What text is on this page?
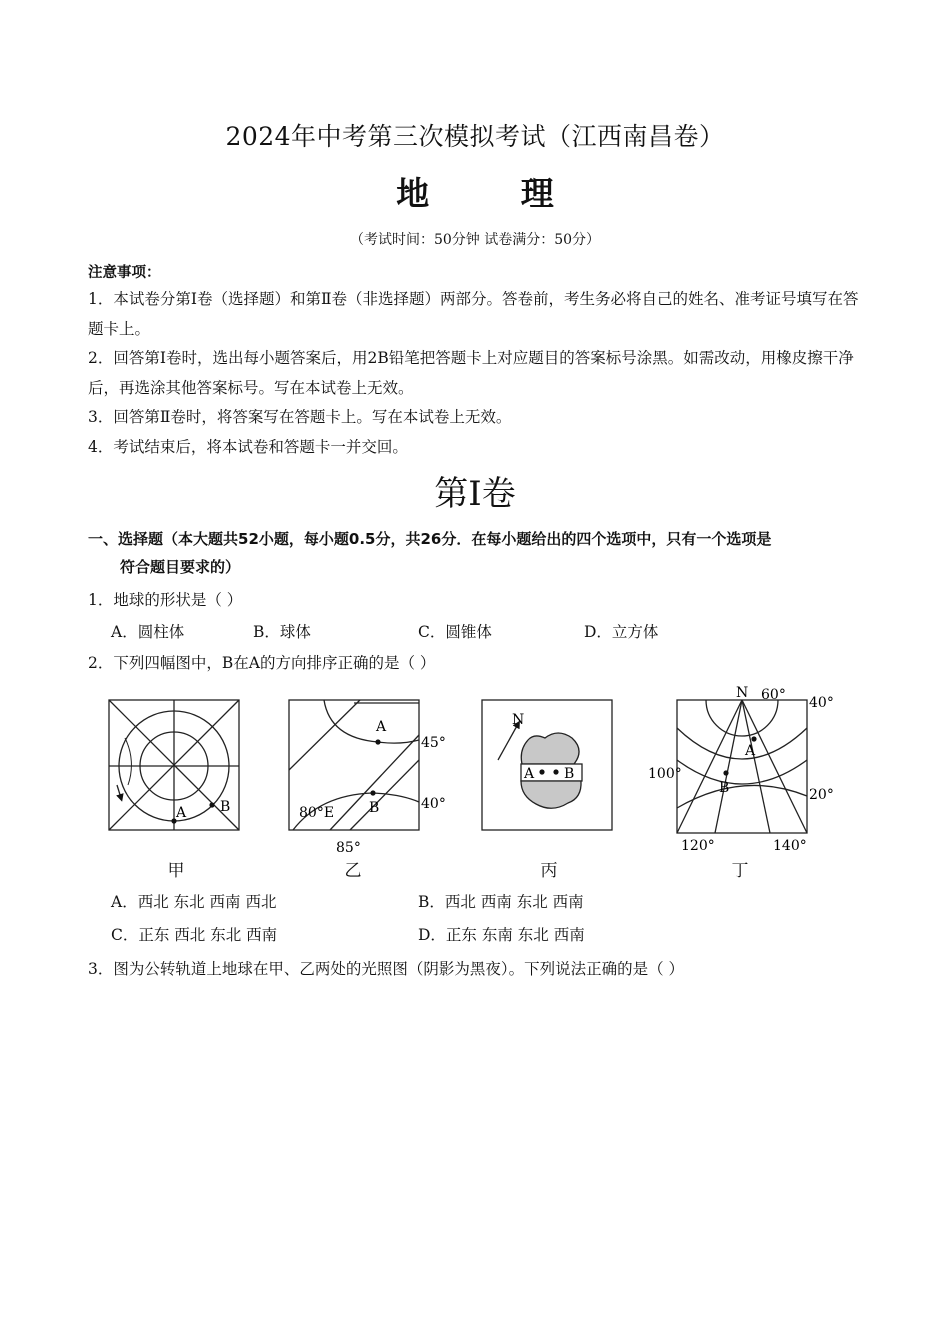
2024年中考第三次模拟考试（江西南昌卷）
地 理
（考试时间：50分钟 试卷满分：50分）
注意事项：
1．本试卷分第Ⅰ卷（选择题）和第Ⅱ卷（非选择题）两部分。答卷前，考生务必将自己的姓名、准考证号填写在答题卡上。
2．回答第Ⅰ卷时，选出每小题答案后，用2B铅笔把答题卡上对应题目的答案标号涂黑。如需改动，用橡皮擦干净后，再选涂其他答案标号。写在本试卷上无效。
3．回答第Ⅱ卷时，将答案写在答题卡上。写在本试卷上无效。
4．考试结束后，将本试卷和答题卡一并交回。
第Ⅰ卷
一、选择题（本大题共52小题，每小题0.5分，共26分．在每小题给出的四个选项中，只有一个选项是
符合题目要求的）
1．地球的形状是（ ）
A．圆柱体	B．球体	C．圆锥体	D．立方体
2．下列四幅图中，B在A的方向排序正确的是（ ）
A B
A
B
45°
40°
80°E
85°
N
A B
N 60° 40°
20°
100°
120°	140°
A
B
甲	乙	丙	丁
A．西北 东北 西南 西北	B．西北 西南 东北 西南
C．正东 西北 东北 西南	D．正东 东南 东北 西南
3．图为公转轨道上地球在甲、乙两处的光照图（阴影为黑夜）。下列说法正确的是（ ）
